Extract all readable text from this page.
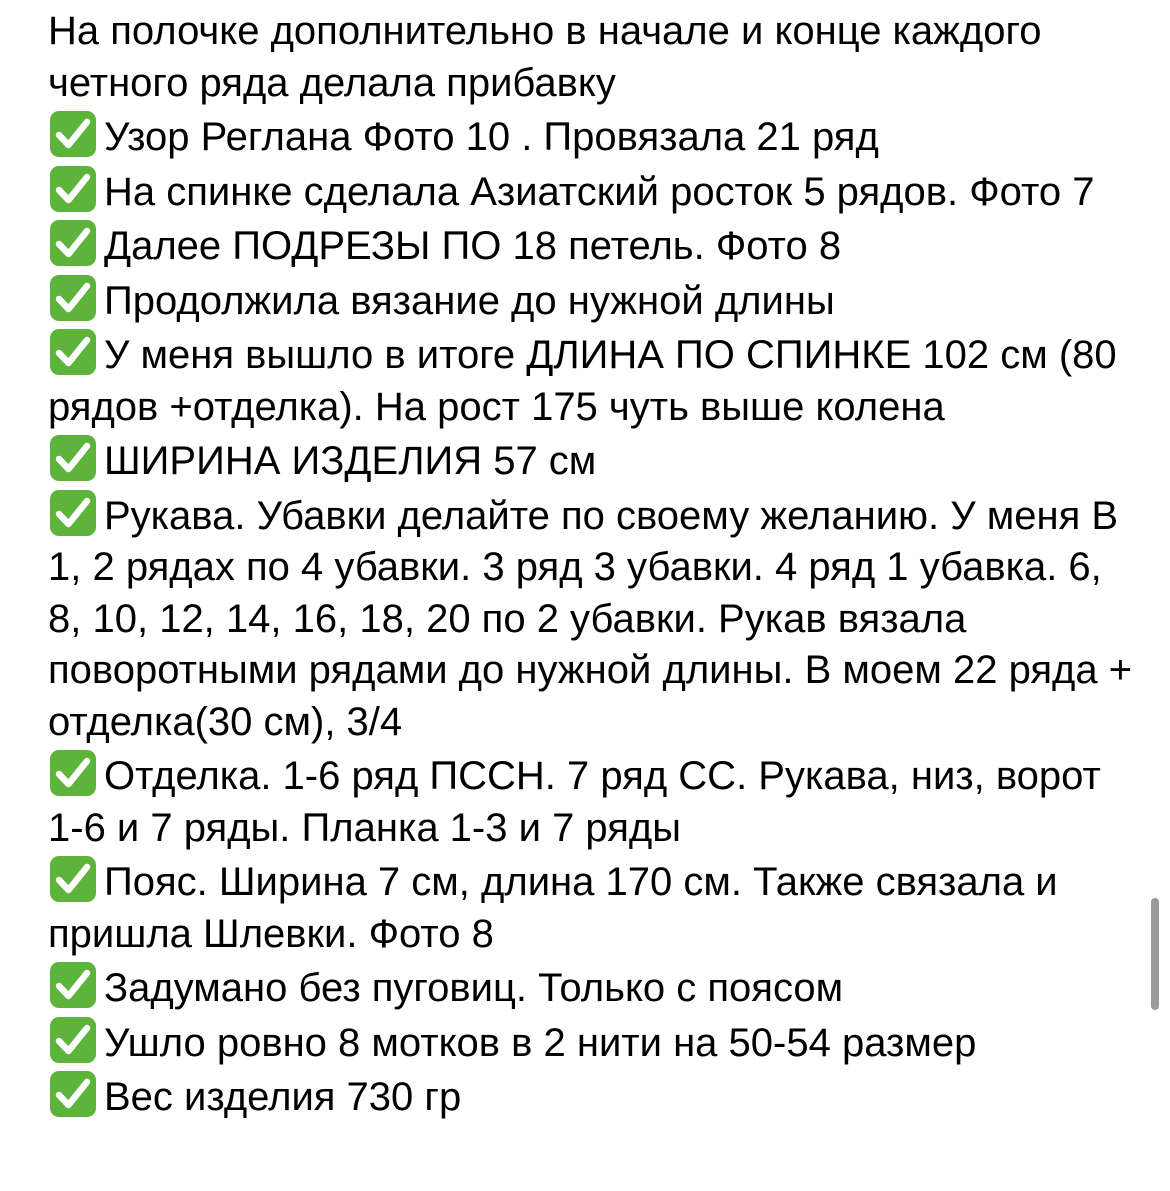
На полочке дополнительно в начале и конце каждого четного ряда делала прибавку
Узор Реглана Фото 10 . Провязала 21 ряд
На спинке сделала Азиатский росток 5 рядов. Фото 7
Далее ПОДРЕЗЫ ПО 18 петель. Фото 8
Продолжила вязание до нужной длины
У меня вышло в итоге ДЛИНА ПО СПИНКЕ 102 см (80 рядов +отделка). На рост 175 чуть выше колена
ШИРИНА ИЗДЕЛИЯ 57 см
Рукава. Убавки делайте по своему желанию. У меня В 1, 2 рядах по 4 убавки. 3 ряд 3 убавки. 4 ряд 1 убавка. 6, 8, 10, 12, 14, 16, 18, 20 по 2 убавки. Рукав вязала поворотными рядами до нужной длины. В моем 22 ряда + отделка(30 см), 3/4
Отделка. 1-6 ряд ПССН. 7 ряд СС. Рукава, низ, ворот 1-6 и 7 ряды. Планка 1-3 и 7 ряды
Пояс. Ширина 7 см, длина 170 см. Также связала и пришла Шлевки. Фото 8
Задумано без пуговиц. Только с поясом
Ушло ровно 8 мотков в 2 нити на 50-54 размер
Вес изделия 730 гр
